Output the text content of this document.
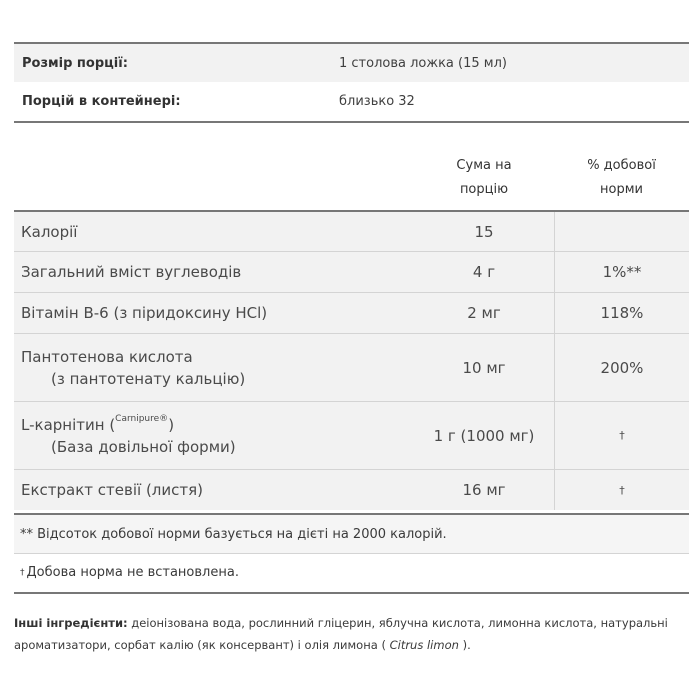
Розмір порції:	1 столова ложка (15 мл)
Порцій в контейнері:	близько 32
Сума на
порцію
% добової
норми
Калорії	15
Загальний вміст вуглеводів	4 г	1%**
Вітамін B-6 (з піридоксину HCl)	2 мг	118%
Пантотенова кислота
(з пантотенату кальцію)
10 мг	200%
L-карнітин ($^{Carnipure®}$)
(База довільної форми)
1 г (1000 мг)	†
Екстракт стевії (листя)	16 мг	†
** Відсоток добової норми базується на дієті на 2000 калорій.
† Добова норма не встановлена.
Інші інгредієнти: деіонізована вода, рослинний гліцерин, яблучна кислота, лимонна кислота, натуральні ароматизатори, сорбат калію (як консервант) і олія лимона ( Citrus limon ).
